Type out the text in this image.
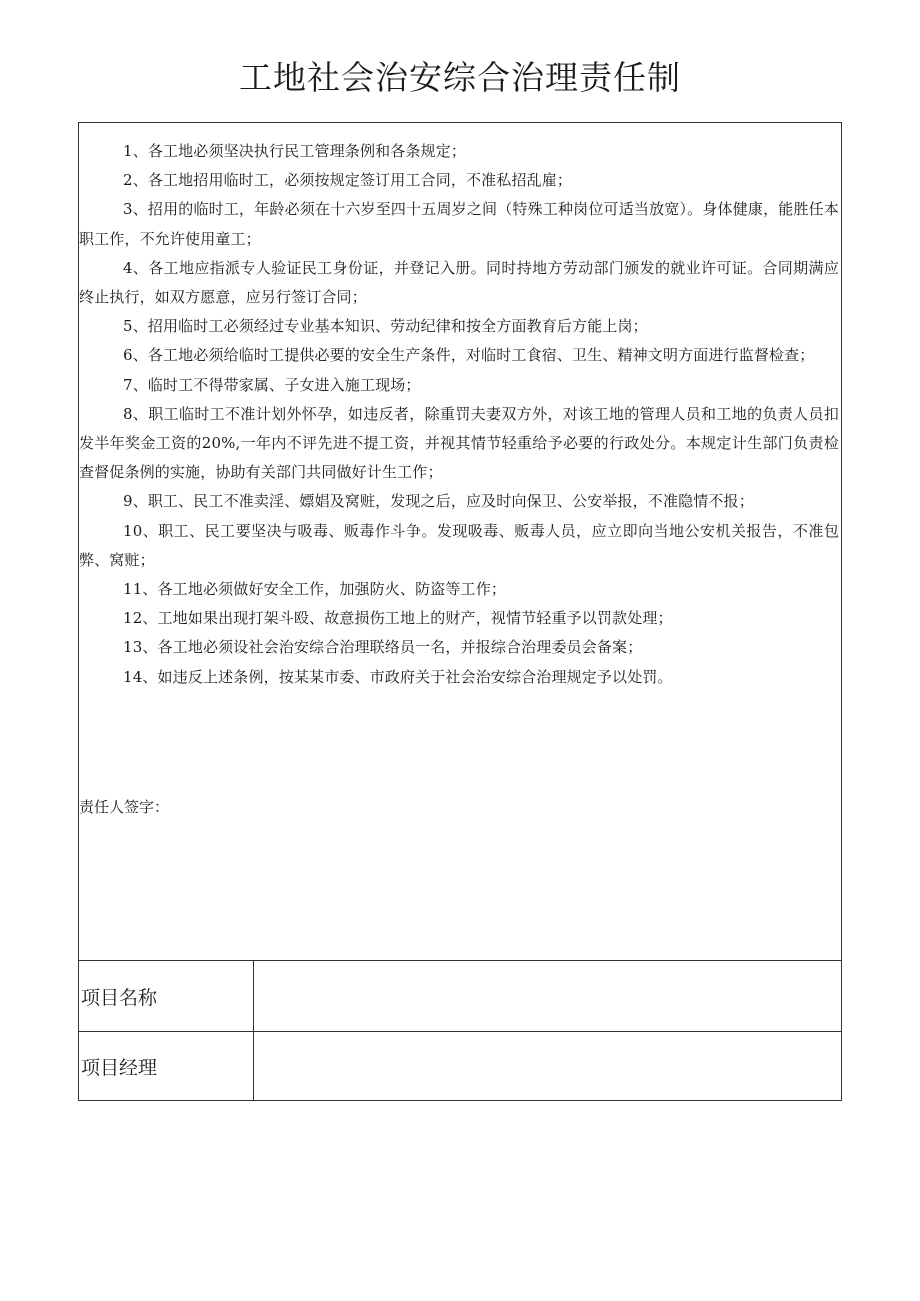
工地社会治安综合治理责任制
1、各工地必须坚决执行民工管理条例和各条规定；
2、各工地招用临时工，必须按规定签订用工合同，不准私招乱雇；
3、招用的临时工，年龄必须在十六岁至四十五周岁之间（特殊工种岗位可适当放宽）。身体健康，能胜任本职工作，不允许使用童工；
4、各工地应指派专人验证民工身份证，并登记入册。同时持地方劳动部门颁发的就业许可证。合同期满应终止执行，如双方愿意，应另行签订合同；
5、招用临时工必须经过专业基本知识、劳动纪律和按全方面教育后方能上岗；
6、各工地必须给临时工提供必要的安全生产条件，对临时工食宿、卫生、精神文明方面进行监督检查；
7、临时工不得带家属、子女进入施工现场；
8、职工临时工不准计划外怀孕，如违反者，除重罚夫妻双方外，对该工地的管理人员和工地的负责人员扣发半年奖金工资的20%,一年内不评先进不提工资，并视其情节轻重给予必要的行政处分。本规定计生部门负责检查督促条例的实施，协助有关部门共同做好计生工作；
9、职工、民工不准卖淫、嫖娼及窝赃，发现之后，应及时向保卫、公安举报，不准隐情不报；
10、职工、民工要坚决与吸毒、贩毒作斗争。发现吸毒、贩毒人员，应立即向当地公安机关报告，不准包弊、窝赃；
11、各工地必须做好安全工作，加强防火、防盗等工作；
12、工地如果出现打架斗殴、故意损伤工地上的财产，视情节轻重予以罚款处理；
13、各工地必须设社会治安综合治理联络员一名，并报综合治理委员会备案；
14、如违反上述条例，按某某市委、市政府关于社会治安综合治理规定予以处罚。
责任人签字：
项目名称
项目经理
